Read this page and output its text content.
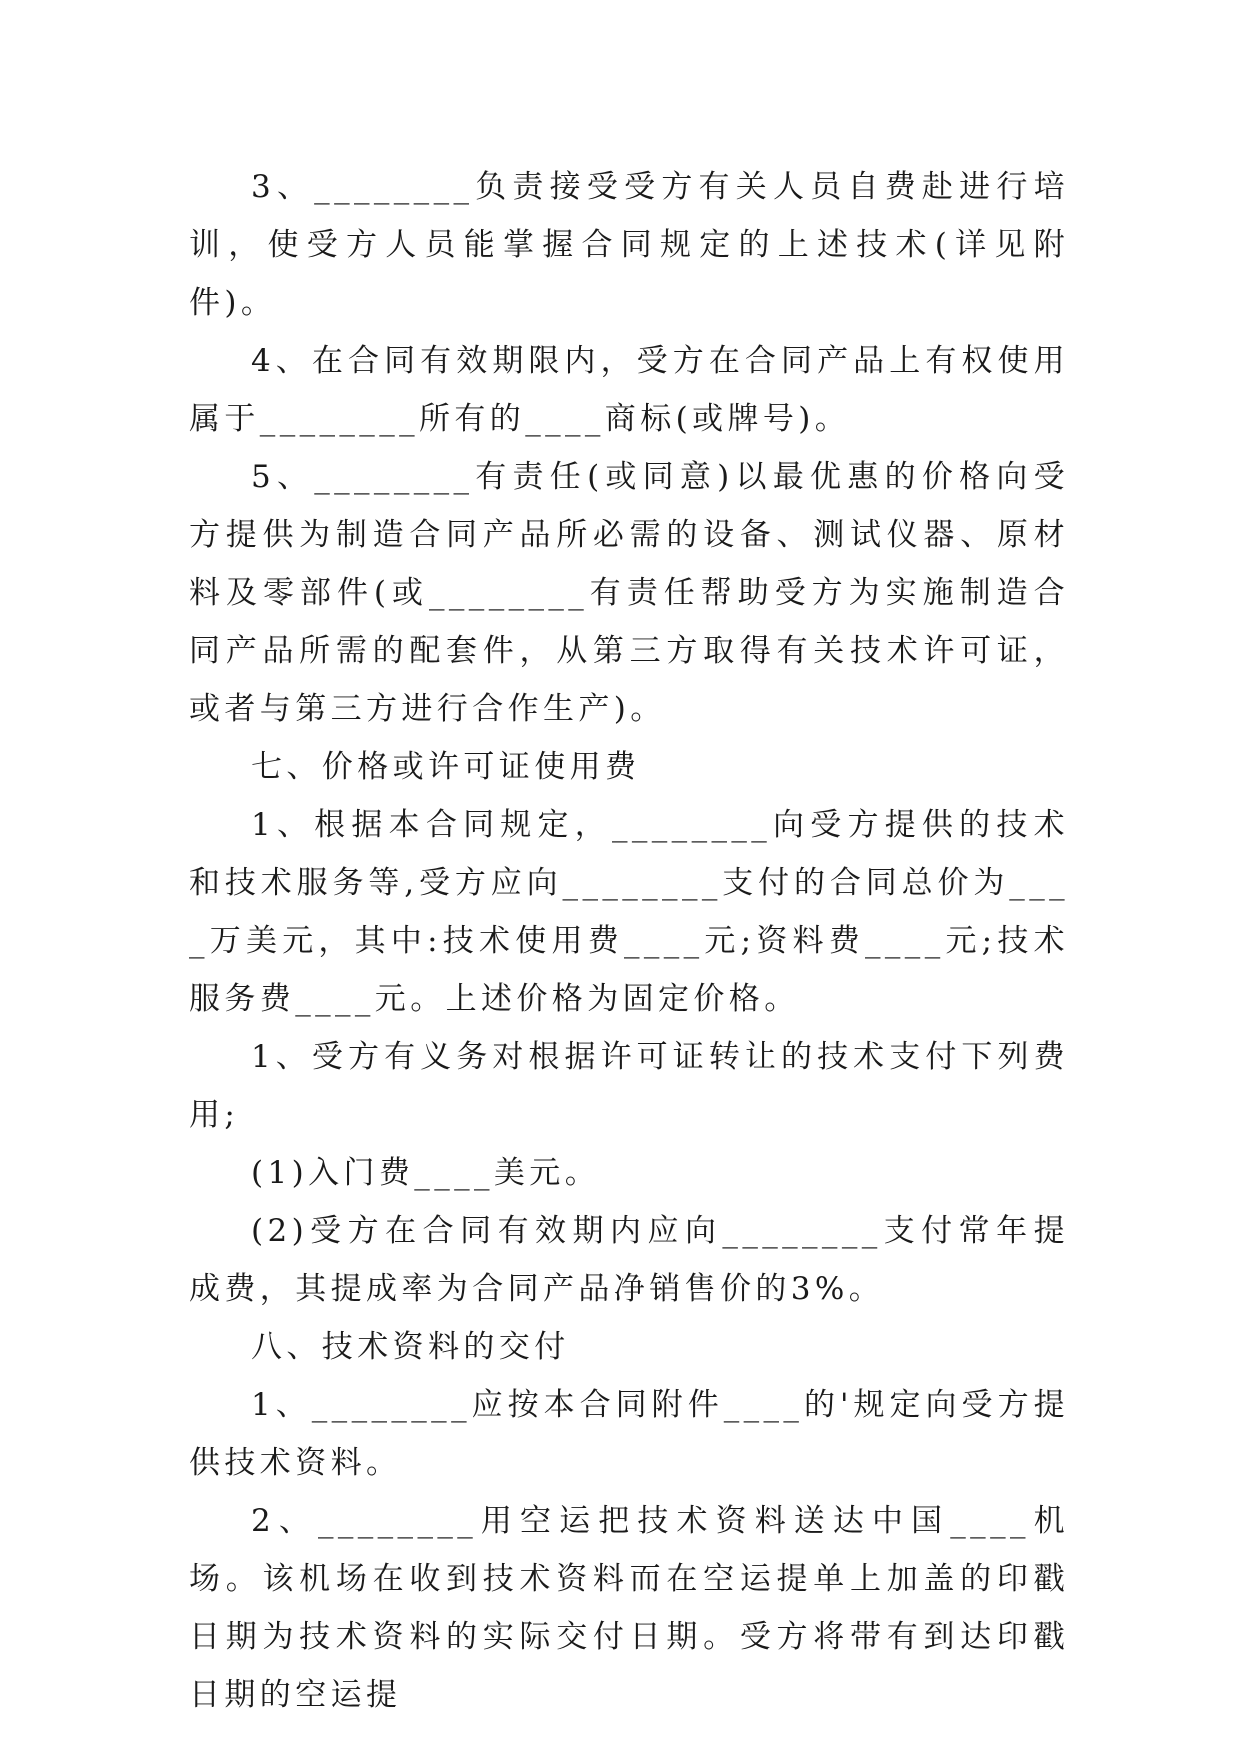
3、________负责接受受方有关人员自费赴进行培训，使受方人员能掌握合同规定的上述技术(详见附件)。

4、在合同有效期限内，受方在合同产品上有权使用属于________所有的____商标(或牌号)。

5、________有责任(或同意)以最优惠的价格向受方提供为制造合同产品所必需的设备、测试仪器、原材料及零部件(或________有责任帮助受方为实施制造合同产品所需的配套件，从第三方取得有关技术许可证，或者与第三方进行合作生产)。

七、价格或许可证使用费

1、根据本合同规定，________向受方提供的技术和技术服务等,受方应向________支付的合同总价为____万美元，其中:技术使用费____元;资料费____元;技术服务费____元。上述价格为固定价格。

1、受方有义务对根据许可证转让的技术支付下列费用;

(1)入门费____美元。

(2)受方在合同有效期内应向________支付常年提成费，其提成率为合同产品净销售价的3%。

八、技术资料的交付

1、________应按本合同附件____的'规定向受方提供技术资料。

2、________用空运把技术资料送达中国____机场。该机场在收到技术资料而在空运提单上加盖的印戳日期为技术资料的实际交付日期。受方将带有到达印戳日期的空运提
